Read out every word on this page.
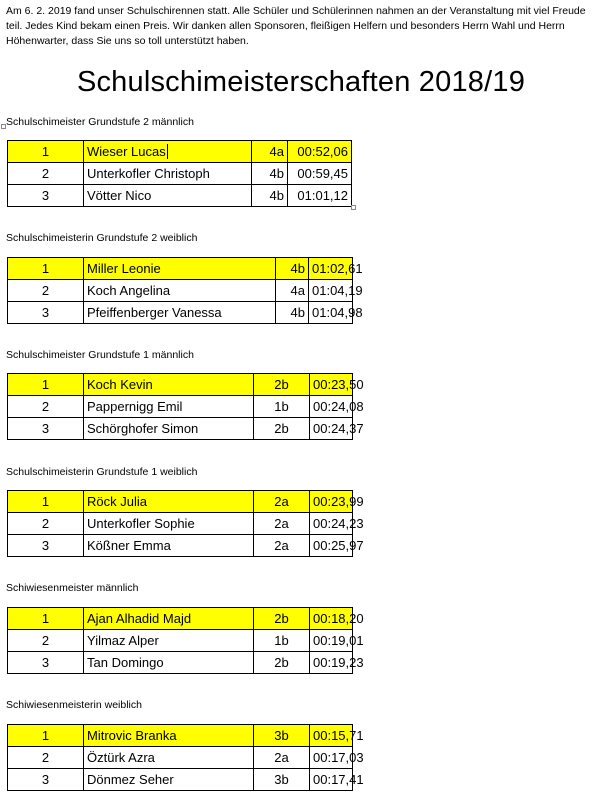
Am 6. 2. 2019 fand unser Schulschirennen statt. Alle Schüler und Schülerinnen nahmen an der Veranstaltung mit viel Freude teil. Jedes Kind bekam einen Preis. Wir danken allen Sponsoren, fleißigen Helfern und besonders Herrn Wahl und Herrn Höhenwarter, dass Sie uns so toll unterstützt haben.

Schulschimeisterschaften 2018/19

Schulschimeister Grundstufe 2 männlich

1	Wieser Lucas	4a	00:52,06
2	Unterkofler Christoph	4b	00:59,45
3	Vötter Nico	4b	01:01,12

Schulschimeisterin Grundstufe 2 weiblich

1	Miller Leonie	4b	01:02,61
2	Koch Angelina	4a	01:04,19
3	Pfeiffenberger Vanessa	4b	01:04,98

Schulschimeister Grundstufe 1 männlich

1	Koch Kevin	2b	00:23,50
2	Pappernigg Emil	1b	00:24,08
3	Schörghofer Simon	2b	00:24,37

Schulschimeisterin Grundstufe 1 weiblich

1	Röck Julia	2a	00:23,99
2	Unterkofler Sophie	2a	00:24,23
3	Kößner Emma	2a	00:25,97

Schiwiesenmeister männlich

1	Ajan Alhadid Majd	2b	00:18,20
2	Yilmaz Alper	1b	00:19,01
3	Tan Domingo	2b	00:19,23

Schiwiesenmeisterin weiblich

1	Mitrovic Branka	3b	00:15,71
2	Öztürk Azra	2a	00:17,03
3	Dönmez Seher	3b	00:17,41
